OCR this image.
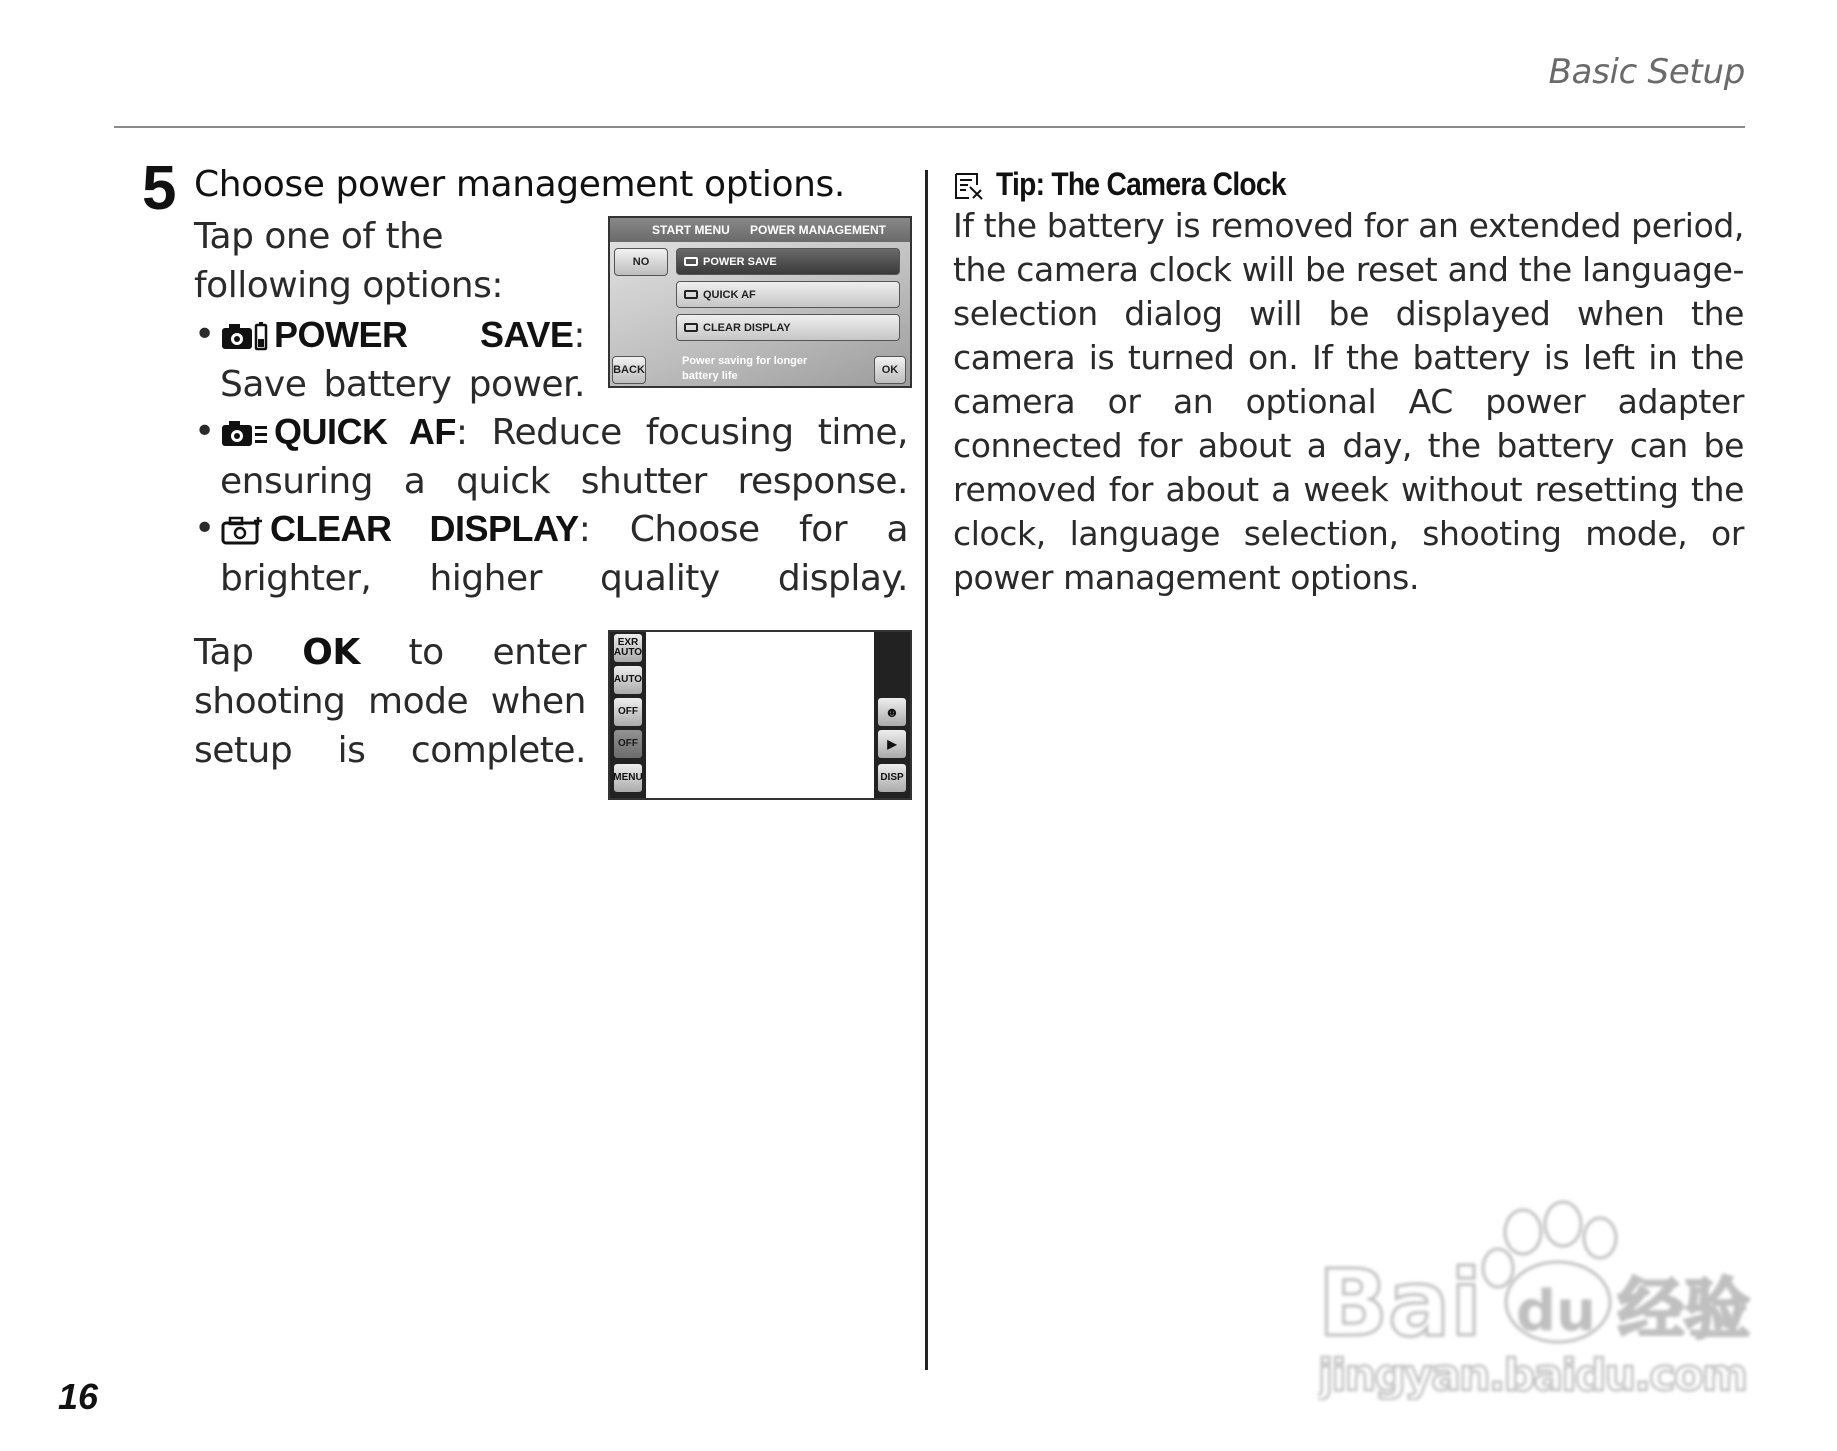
Basic Setup
5 Choose power management options.
Tap one of the following options:
• POWER SAVE: Save battery power.
• QUICK AF: Reduce focusing time, ensuring a quick shutter response.
• CLEAR DISPLAY: Choose for a brighter, higher quality display.
Tap OK to enter shooting mode when setup is complete.
START MENU POWER MANAGEMENT
NO	POWER SAVE
QUICK AF
CLEAR DISPLAY
BACK
Power saving for longer battery life	OK
EXR AUTO
AUTO
OFF
OFF
MENU
☻
▶
DISP
Tip: The Camera Clock
If the battery is removed for an extended period, the camera clock will be reset and the language-selection dialog will be displayed when the camera is turned on. If the battery is left in the camera or an optional AC power adapter connected for about a day, the battery can be removed for about a week without resetting the clock, language selection, shooting mode, or power management options.
16
Bai du 经验
jingyan.baidu.com
